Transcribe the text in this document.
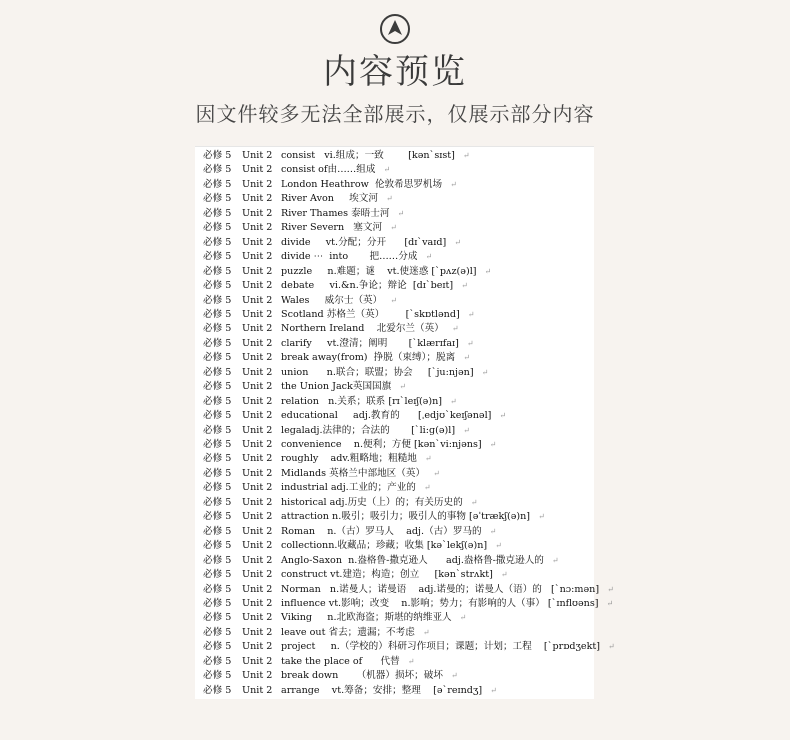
内容预览
因文件较多无法全部展示，仅展示部分内容
必修 5 Unit 2 consist   vi.组成；一致        [kən`sɪst] ↵
必修 5 Unit 2 consist of由……组成 ↵
必修 5 Unit 2 London Heathrow  伦敦希思罗机场 ↵
必修 5 Unit 2 River Avon     埃文河 ↵
必修 5 Unit 2 River Thames 泰晤士河 ↵
必修 5 Unit 2 River Severn   塞文河 ↵
必修 5 Unit 2 divide     vt.分配；分开      [dɪ`vaɪd] ↵
必修 5 Unit 2 divide ⋯  into       把……分成 ↵
必修 5 Unit 2 puzzle     n.难题；谜    vt.使迷惑 [`pʌz(ə)l] ↵
必修 5 Unit 2 debate     vi.&n.争论；辩论  [dɪ`beɪt] ↵
必修 5 Unit 2 Wales     威尔士（英） ↵
必修 5 Unit 2 Scotland 苏格兰（英）       [`skɒtlənd] ↵
必修 5 Unit 2 Northern Ireland    北爱尔兰（英） ↵
必修 5 Unit 2 clarify     vt.澄清；阐明       [`klærɪfaɪ] ↵
必修 5 Unit 2 break away(from)  挣脱（束缚）；脱离 ↵
必修 5 Unit 2 union      n.联合；联盟；协会     [`ju:njən] ↵
必修 5 Unit 2 the Union Jack英国国旗 ↵
必修 5 Unit 2 relation   n.关系；联系 [rɪ`leɪʃ(ə)n] ↵
必修 5 Unit 2 educational     adj.教育的      [ˌedjʊ`keɪʃənəl] ↵
必修 5 Unit 2 legaladj.法律的；合法的       [`li:ɡ(ə)l] ↵
必修 5 Unit 2 convenience    n.便利；方便 [kən`vi:njəns] ↵
必修 5 Unit 2 roughly    adv.粗略地；粗糙地 ↵
必修 5 Unit 2 Midlands 英格兰中部地区（英） ↵
必修 5 Unit 2 industrial adj.工业的；产业的 ↵
必修 5 Unit 2 historical adj.历史（上）的；有关历史的 ↵
必修 5 Unit 2 attraction n.吸引；吸引力；吸引人的事物 [əˈtrækʃ(ə)n] ↵
必修 5 Unit 2 Roman    n.（古）罗马人    adj.（古）罗马的 ↵
必修 5 Unit 2 collectionn.收藏品；珍藏；收集 [kə`lekʃ(ə)n] ↵
必修 5 Unit 2 Anglo-Saxon  n.盎格鲁-撒克逊人      adj.盎格鲁-撒克逊人的 ↵
必修 5 Unit 2 construct vt.建造；构造；创立     [kən`strʌkt] ↵
必修 5 Unit 2 Norman   n.诺曼人；诺曼语    adj.诺曼的；诺曼人（语）的   [`nɔ:mən] ↵
必修 5 Unit 2 influence vt.影响；改变    n.影响；势力；有影响的人（事） [`ɪnflʊəns] ↵
必修 5 Unit 2 Viking     n.北欧海盗；斯堪的纳维亚人 ↵
必修 5 Unit 2 leave out 省去；遗漏；不考虑 ↵
必修 5 Unit 2 project     n.（学校的）科研习作项目；课题；计划；工程    [`prɒdʒekt] ↵
必修 5 Unit 2 take the place of      代替 ↵
必修 5 Unit 2 break down      （机器）损坏；破坏 ↵
必修 5 Unit 2 arrange    vt.筹备；安排；整理    [ə`reɪndʒ] ↵
